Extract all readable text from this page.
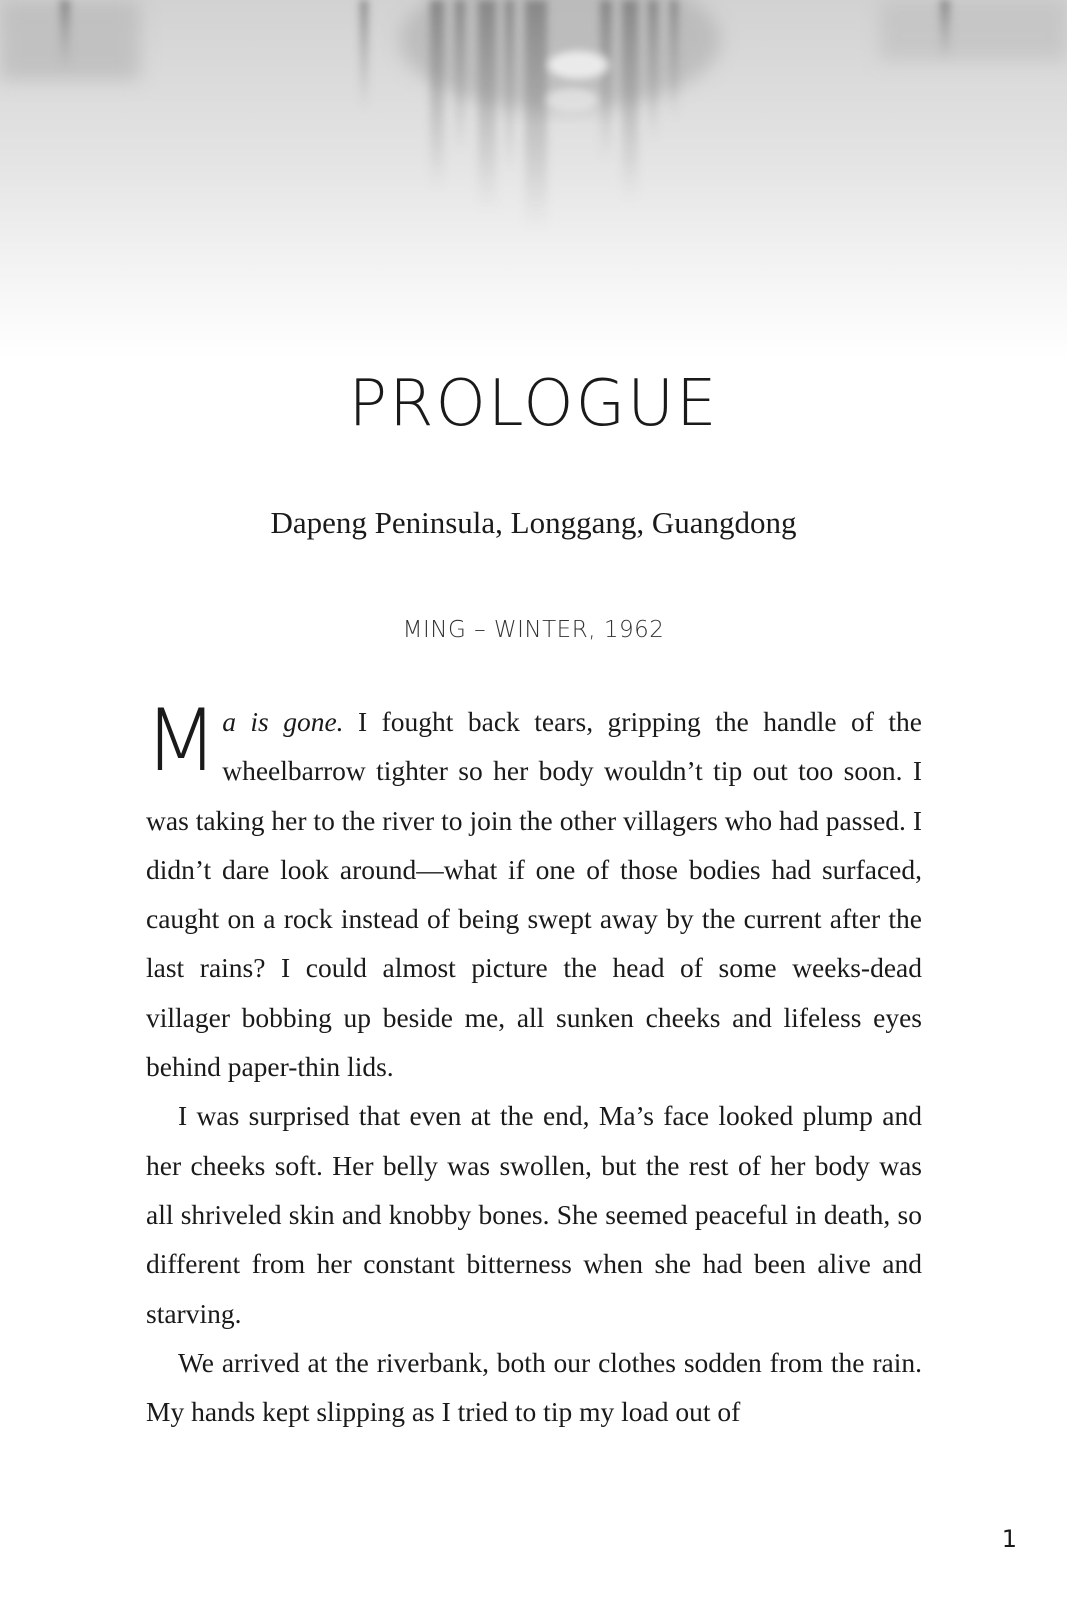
PROLOGUE
Dapeng Peninsula, Longgang, Guangdong
MING – WINTER, 1962

Ma is gone. I fought back tears, gripping the handle of the wheelbarrow tighter so her body wouldn’t tip out too soon. I was taking her to the river to join the other villagers who had passed. I didn’t dare look around—what if one of those bodies had surfaced, caught on a rock instead of being swept away by the current after the last rains? I could almost picture the head of some weeks-dead villager bobbing up beside me, all sunken cheeks and lifeless eyes behind paper-thin lids.

I was surprised that even at the end, Ma’s face looked plump and her cheeks soft. Her belly was swollen, but the rest of her body was all shriveled skin and knobby bones. She seemed peaceful in death, so different from her constant bitterness when she had been alive and starving.

We arrived at the riverbank, both our clothes sodden from the rain. My hands kept slipping as I tried to tip my load out of

1
